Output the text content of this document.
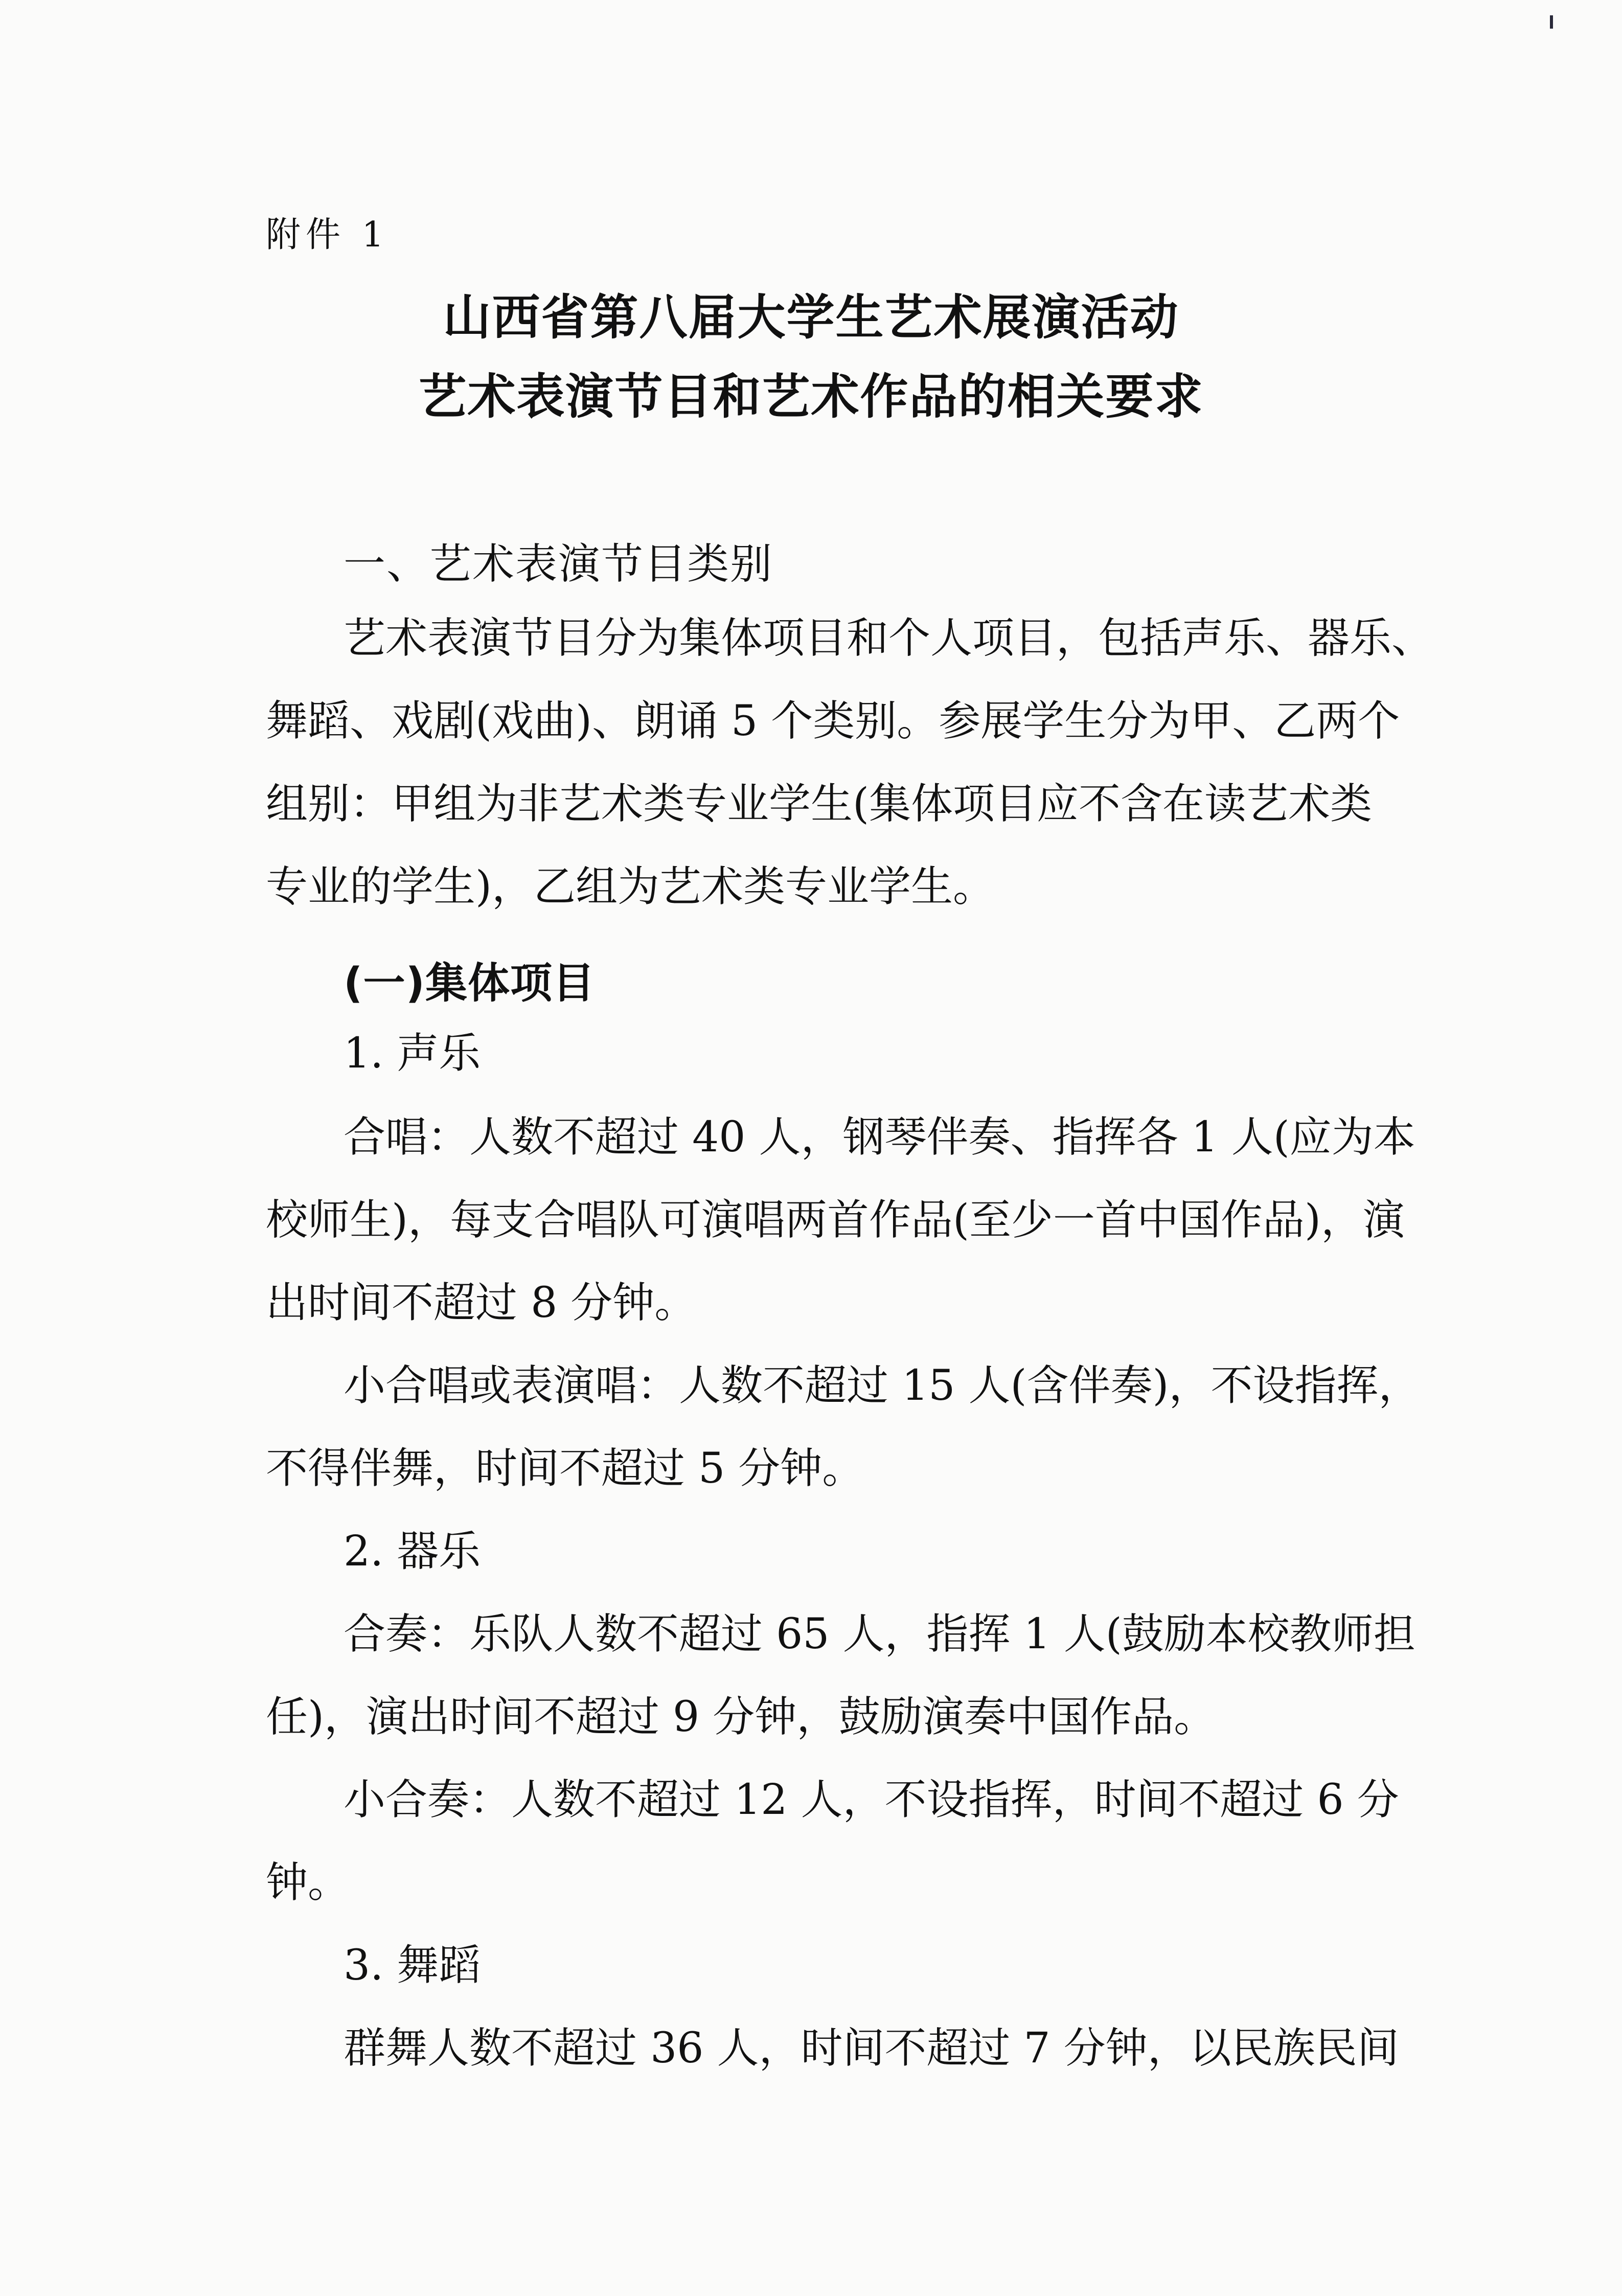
附件 1
山西省第八届大学生艺术展演活动
艺术表演节目和艺术作品的相关要求
一、艺术表演节目类别
艺术表演节目分为集体项目和个人项目，包括声乐、器乐、
舞蹈、戏剧(戏曲)、朗诵 5 个类别。参展学生分为甲、乙两个
组别：甲组为非艺术类专业学生(集体项目应不含在读艺术类
专业的学生)，乙组为艺术类专业学生。
(一)集体项目
1. 声乐
合唱：人数不超过 40 人，钢琴伴奏、指挥各 1 人(应为本
校师生)，每支合唱队可演唱两首作品(至少一首中国作品)，演
出时间不超过 8 分钟。
小合唱或表演唱：人数不超过 15 人(含伴奏)，不设指挥，
不得伴舞，时间不超过 5 分钟。
2. 器乐
合奏：乐队人数不超过 65 人，指挥 1 人(鼓励本校教师担
任)，演出时间不超过 9 分钟，鼓励演奏中国作品。
小合奏：人数不超过 12 人，不设指挥，时间不超过 6 分
钟。
3. 舞蹈
群舞人数不超过 36 人，时间不超过 7 分钟，以民族民间
